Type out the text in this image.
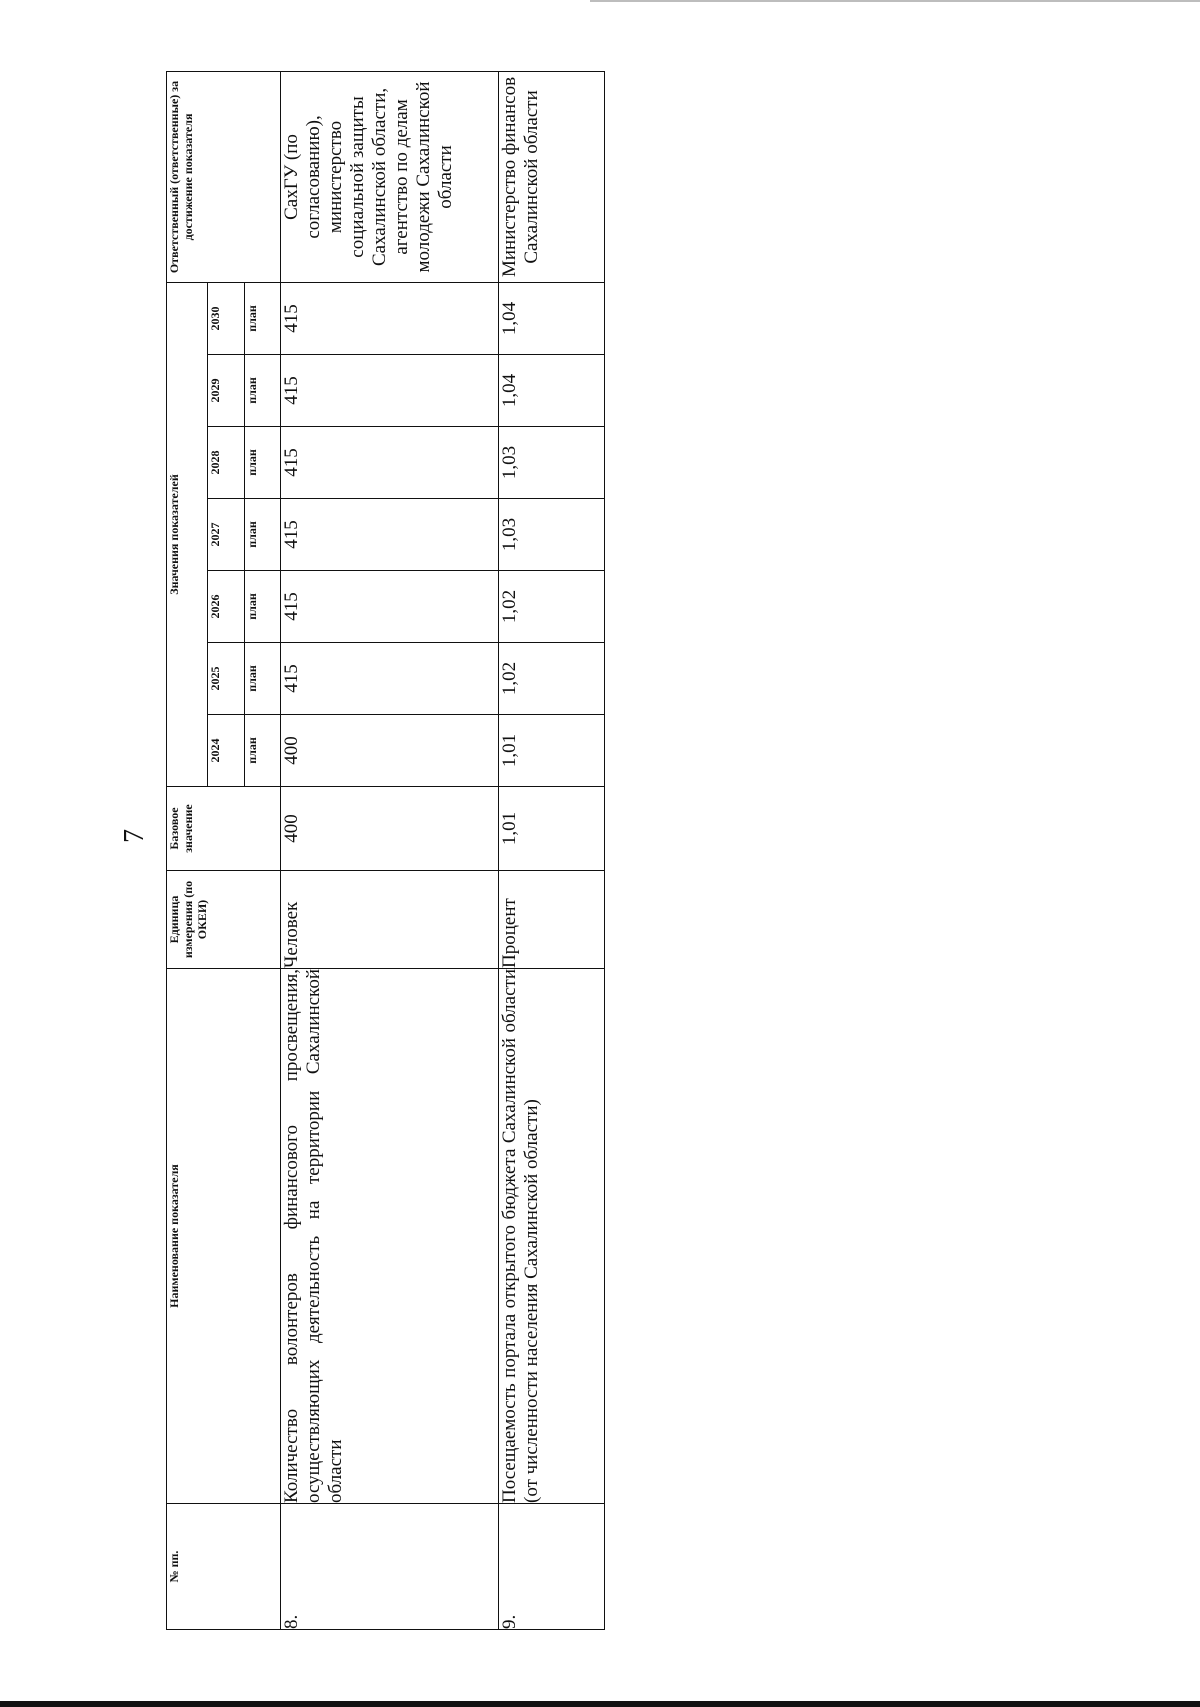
7
№ пп.	Наименование показателя	Единица измерения (по ОКЕИ)	Базовое значение	Значения показателей							Ответственный (ответственные) за достижение показателя
				2024	2025	2026	2027	2028	2029	2030	
				план	план	план	план	план	план	план	
8.	Количество волонтеров финансового просвещения, осуществляющих деятельность на территории Сахалинской области	Человек	400	400	415	415	415	415	415	415	СахГУ (по согласованию), министерство социальной защиты Сахалинской области, агентство по делам молодежи Сахалинской области
9.	Посещаемость портала открытого бюджета Сахалинской области (от численности населения Сахалинской области)	Процент	1,01	1,01	1,02	1,02	1,03	1,03	1,04	1,04	Министерство финансов Сахалинской области
